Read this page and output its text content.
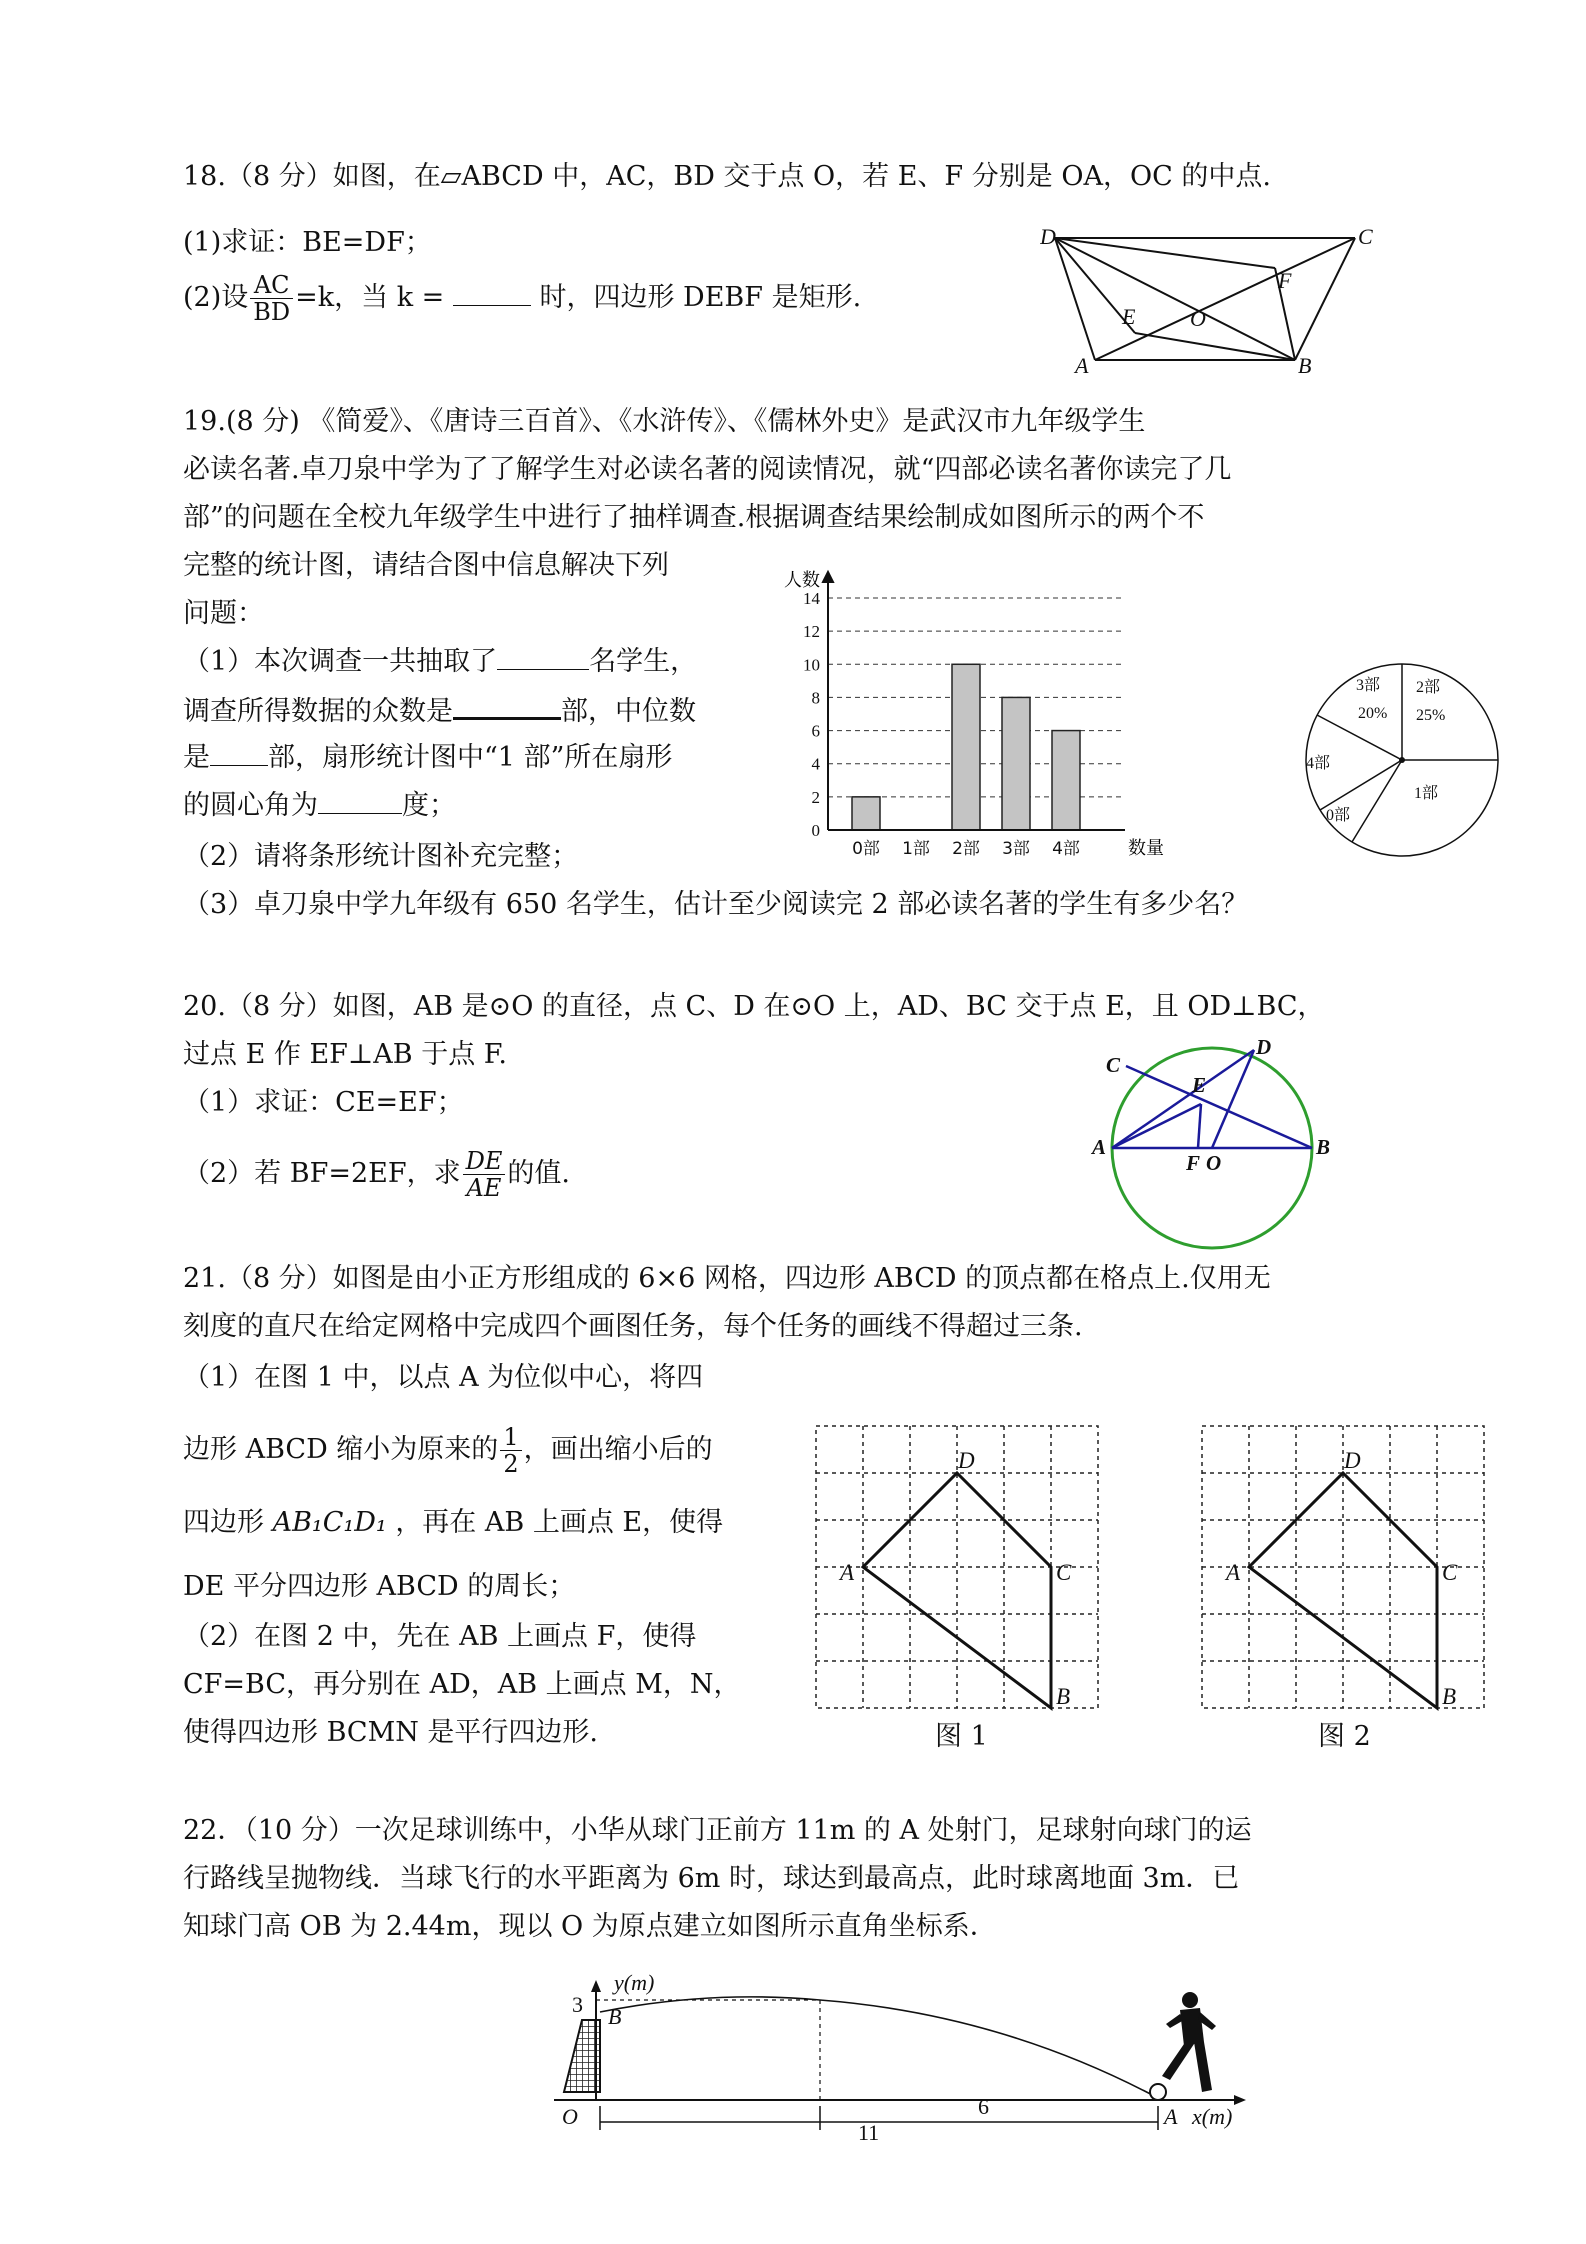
18.（8 分）如图，在▱ABCD 中，AC，BD 交于点 O，若 E、F 分别是 OA，OC 的中点.
(1)求证：BE=DF；
(2)设 $\frac{AC}{BD} =k$，当 k =	时，四边形 DEBF 是矩形.
D	C
F
E O
A	B
19.(8 分) 《简爱》、《唐诗三百首》、《水浒传》、《儒林外史》是武汉市九年级学生
必读名著.卓刀泉中学为了了解学生对必读名著的阅读情况，就“四部必读名著你读完了几
部”的问题在全校九年级学生中进行了抽样调查.根据调查结果绘制成如图所示的两个不
完整的统计图，请结合图中信息解决下列
问题：
（1）本次调查一共抽取了	名学生，
调查所得数据的众数是	部，中位数
是 部，扇形统计图中“1 部”所在扇形
的圆心角为	度；
（2）请将条形统计图补充完整；
（3）卓刀泉中学九年级有 650 名学生，估计至少阅读完 2 部必读名著的学生有多少名？
0
2
4
6
8
10
12
14
0部 1部 2部 3部 4部
人数
数量
3部
20%
2部
25%
4部
0部
1部
20.（8 分）如图，AB 是⊙O 的直径，点 C、D 在⊙O 上，AD、BC 交于点 E，且 OD⊥BC，
过点 E 作 EF⊥AB 于点 F.
（1）求证：CE=EF；
（2）若 BF=2EF，求 $\frac{DE}{AE}$ 的值.
C
E
D
A
F O
B
21.（8 分）如图是由小正方形组成的 6×6 网格，四边形 ABCD 的顶点都在格点上.仅用无
刻度的直尺在给定网格中完成四个画图任务，每个任务的画线不得超过三条.
（1）在图 1 中，以点 A 为位似中心，将四
边形 ABCD 缩小为原来的 $\frac{1}{2}$ ，画出缩小后的
四边形 AB₁C₁D₁ ，再在 AB 上画点 E，使得
DE 平分四边形 ABCD 的周长；
（2）在图 2 中，先在 AB 上画点 F，使得
CF=BC，再分别在 AD，AB 上画点 M，N，
使得四边形 BCMN 是平行四边形.
D
A	C
B
图 1
D
A	C
B
图 2
22．（10 分）一次足球训练中，小华从球门正前方 11m 的 A 处射门，足球射向球门的运
行路线呈抛物线．当球飞行的水平距离为 6m 时，球达到最高点，此时球离地面 3m．已
知球门高 OB 为 2.44m，现以 O 为原点建立如图所示直角坐标系．
y(m)
3 B
O	A x(m)
11
6
